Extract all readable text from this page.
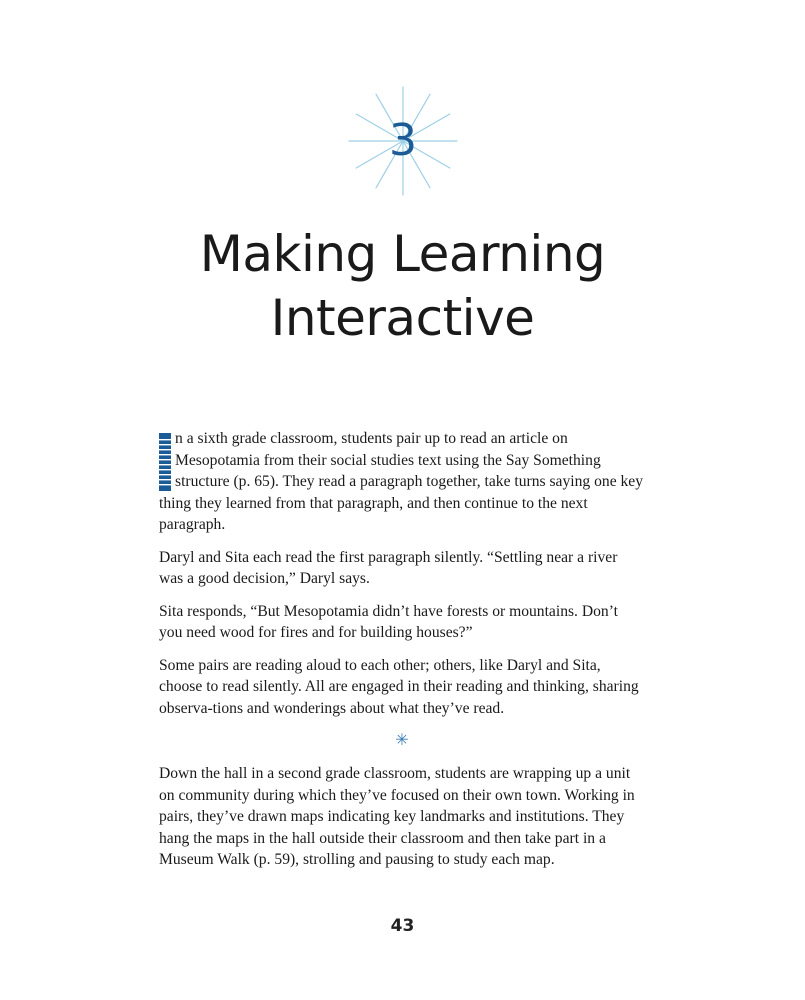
3
Making Learning
Interactive

n a sixth grade classroom, students pair up to read an article on Mesopotamia from their social studies text using the Say Something structure (p. 65). They read a paragraph together, take turns saying one key thing they learned from that paragraph, and then continue to the next paragraph.

Daryl and Sita each read the first paragraph silently. “Settling near a river was a good decision,” Daryl says.

Sita responds, “But Mesopotamia didn’t have forests or mountains. Don’t you need wood for fires and for building houses?”

Some pairs are reading aloud to each other; others, like Daryl and Sita, choose to read silently. All are engaged in their reading and thinking, sharing observa-tions and wonderings about what they’ve read.

✳

Down the hall in a second grade classroom, students are wrapping up a unit on community during which they’ve focused on their own town. Working in pairs, they’ve drawn maps indicating key landmarks and institutions. They hang the maps in the hall outside their classroom and then take part in a Museum Walk (p. 59), strolling and pausing to study each map.

43
